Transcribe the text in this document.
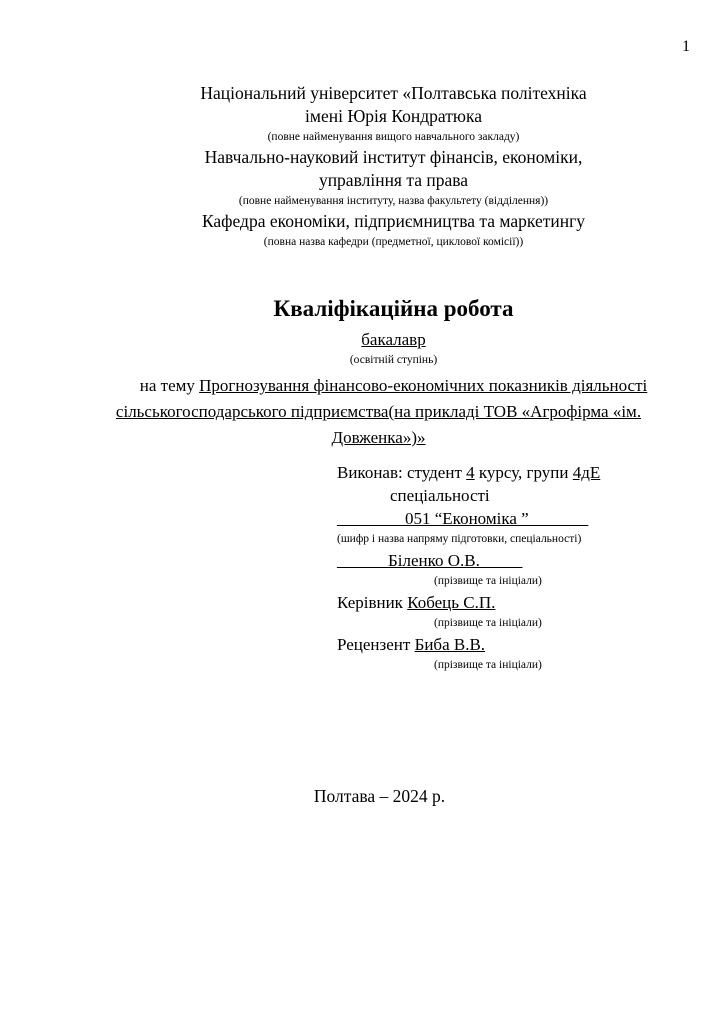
1
Національний університет «Полтавська політехніка
імені Юрія Кондратюка
(повне найменування вищого навчального закладу)
Навчально-науковий інститут фінансів, економіки,
управління та права
(повне найменування інституту, назва факультету (відділення))
Кафедра економіки, підприємництва та маркетингу
(повна назва кафедри (предметної, циклової комісії))
Кваліфікаційна робота
бакалавр
(освітній ступінь)
на тему Прогнозування фінансово-економічних показників діяльності
сільськогосподарського підприємства(на прикладі ТОВ «Агрофірма «ім.
Довженка»)»
Виконав: студент 4 курсу, групи 4дЕ
спеціальності
________051 “Економіка ”_______
(шифр і назва напряму підготовки, спеціальності)
______Біленко О.В._____
(прізвище та ініціали)
Керівник Кобець С.П.
(прізвище та ініціали)
Рецензент Биба В.В.
(прізвище та ініціали)
Полтава – 2024 р.
